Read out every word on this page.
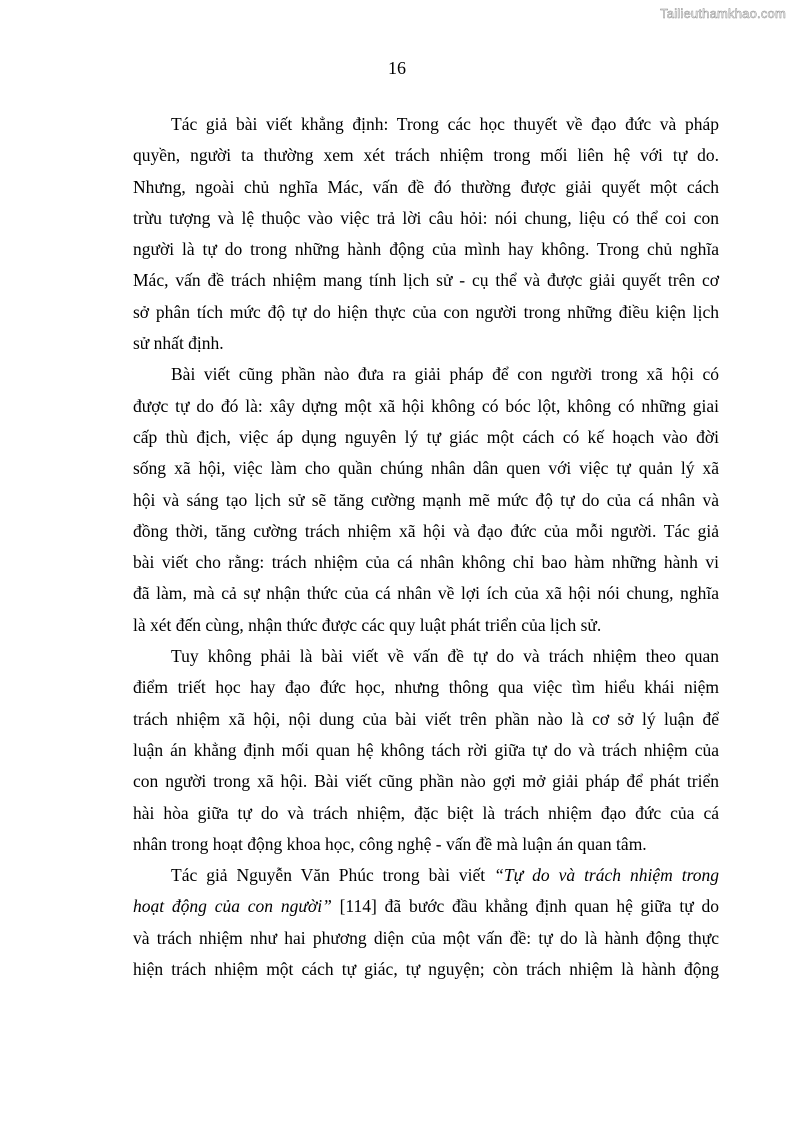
Tailieuthamkhao.com
16

Tác giả bài viết khẳng định: Trong các học thuyết về đạo đức và pháp
quyền, người ta thường xem xét trách nhiệm trong mối liên hệ với tự do.
Nhưng, ngoài chủ nghĩa Mác, vấn đề đó thường được giải quyết một cách
trừu tượng và lệ thuộc vào việc trả lời câu hỏi: nói chung, liệu có thể coi con
người là tự do trong những hành động của mình hay không. Trong chủ nghĩa
Mác, vấn đề trách nhiệm mang tính lịch sử - cụ thể và được giải quyết trên cơ
sở phân tích mức độ tự do hiện thực của con người trong những điều kiện lịch
sử nhất định.

Bài viết cũng phần nào đưa ra giải pháp để con người trong xã hội có
được tự do đó là: xây dựng một xã hội không có bóc lột, không có những giai
cấp thù địch, việc áp dụng nguyên lý tự giác một cách có kế hoạch vào đời
sống xã hội, việc làm cho quần chúng nhân dân quen với việc tự quản lý xã
hội và sáng tạo lịch sử sẽ tăng cường mạnh mẽ mức độ tự do của cá nhân và
đồng thời, tăng cường trách nhiệm xã hội và đạo đức của mỗi người. Tác giả
bài viết cho rằng: trách nhiệm của cá nhân không chỉ bao hàm những hành vi
đã làm, mà cả sự nhận thức của cá nhân về lợi ích của xã hội nói chung, nghĩa
là xét đến cùng, nhận thức được các quy luật phát triển của lịch sử.

Tuy không phải là bài viết về vấn đề tự do và trách nhiệm theo quan
điểm triết học hay đạo đức học, nhưng thông qua việc tìm hiểu khái niệm
trách nhiệm xã hội, nội dung của bài viết trên phần nào là cơ sở lý luận để
luận án khẳng định mối quan hệ không tách rời giữa tự do và trách nhiệm của
con người trong xã hội. Bài viết cũng phần nào gợi mở giải pháp để phát triển
hài hòa giữa tự do và trách nhiệm, đặc biệt là trách nhiệm đạo đức của cá
nhân trong hoạt động khoa học, công nghệ - vấn đề mà luận án quan tâm.

Tác giả Nguyễn Văn Phúc trong bài viết “Tự do và trách nhiệm trong
hoạt động của con người” [114] đã bước đầu khẳng định quan hệ giữa tự do
và trách nhiệm như hai phương diện của một vấn đề: tự do là hành động thực
hiện trách nhiệm một cách tự giác, tự nguyện; còn trách nhiệm là hành động
